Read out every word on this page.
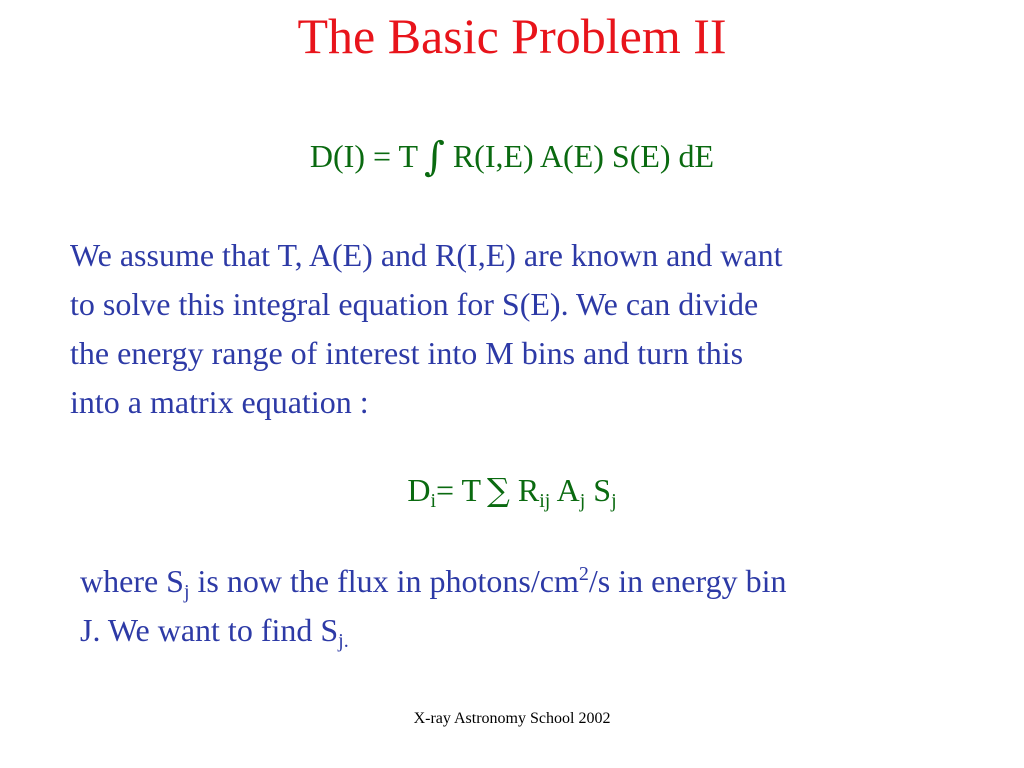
The Basic Problem II
D(I) = T ∫ R(I,E) A(E) S(E) dE
We assume that T, A(E) and R(I,E) are known and want
to solve this integral equation for S(E). We can divide
the energy range of interest into M bins and turn this
into a matrix equation :
$D_i= T$ ∑ $R_{ij}$ $A_j$ $S_j$
where $S_j$ is now the flux in photons/$cm^2/s$ in energy bin
J. We want to find $S_{j.}$
X-ray Astronomy School 2002
